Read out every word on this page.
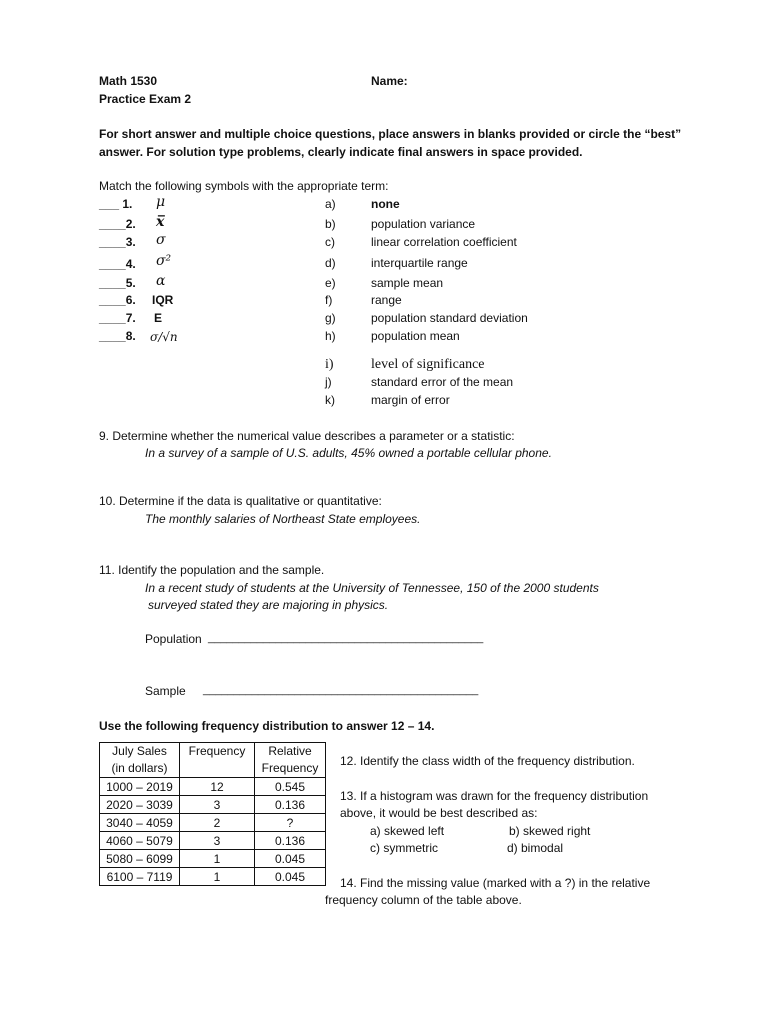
Math 1530
Practice Exam 2
Name:
For short answer and multiple choice questions, place answers in blanks provided or circle the “best”
answer. For solution type problems, clearly indicate final answers in space provided.
Match the following symbols with the appropriate term:
___ 1. μ
____2. x̅
____3. σ
____4. σ²
____5. α
____6. IQR
____7. E
____8. σ/√n
a)	none
b)	population variance
c)	linear correlation coefficient
d)	interquartile range
e)	sample mean
f)	range
g)	population standard deviation
h)	population mean
i)	level of significance
j)	standard error of the mean
k)	margin of error
9. Determine whether the numerical value describes a parameter or a statistic:
In a survey of a sample of U.S. adults, 45% owned a portable cellular phone.
10. Determine if the data is qualitative or quantitative:
The monthly salaries of Northeast State employees.
11. Identify the population and the sample.
In a recent study of students at the University of Tennessee, 150 of the 2000 students
surveyed stated they are majoring in physics.
Population _____________________________________________
Sample _____________________________________________
Use the following frequency distribution to answer 12 – 14.
July Sales (in dollars)	Frequency	Relative Frequency
1000 – 2019	12	0.545
2020 – 3039	3	0.136
3040 – 4059	2	?
4060 – 5079	3	0.136
5080 – 6099	1	0.045
6100 – 7119	1	0.045
12. Identify the class width of the frequency distribution.
13. If a histogram was drawn for the frequency distribution
above, it would be best described as:
a) skewed left	b) skewed right
c) symmetric	d) bimodal
14. Find the missing value (marked with a ?) in the relative
frequency column of the table above.
